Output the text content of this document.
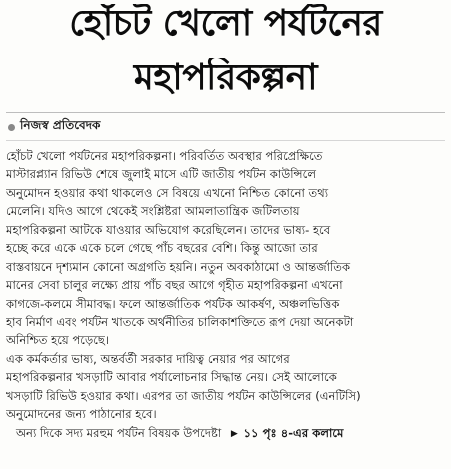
হোঁচট খেলো পর্যটনের
মহাপরিকল্পনা
নিজস্ব প্রতিবেদক
হোঁচট খেলো পর্যটনের মহাপরিকল্পনা। পরিবর্তিত অবস্থার পরিপ্রেক্ষিতে
মাস্টারপ্ল্যান রিভিউ শেষে জুলাই মাসে এটি জাতীয় পর্যটন কাউন্সিলে
অনুমোদন হওয়ার কথা থাকলেও সে বিষয়ে এখনো নিশ্চিত কোনো তথ্য
মেলেনি। যদিও আগে থেকেই সংশ্লিষ্টরা আমলাতান্ত্রিক জটিলতায়
মহাপরিকল্পনা আটকে যাওয়ার অভিযোগ করেছিলেন। তাদের ভাষ্য- হবে
হচ্ছে করে একে একে চলে গেছে পাঁচ বছরের বেশি। কিন্তু আজো তার
বাস্তবায়নে দৃশ্যমান কোনো অগ্রগতি হয়নি। নতুন অবকাঠামো ও আন্তর্জাতিক
মানের সেবা চালুর লক্ষ্যে প্রায় পাঁচ বছর আগে গৃহীত মহাপরিকল্পনা এখনো
কাগজে-কলমে সীমাবদ্ধ। ফলে আন্তর্জাতিক পর্যটক আকর্ষণ, অঞ্চলভিত্তিক
হাব নির্মাণ এবং পর্যটন খাতকে অর্থনীতির চালিকাশক্তিতে রূপ দেয়া অনেকটা
অনিশ্চিত হয়ে পড়েছে।
এক কর্মকর্তার ভাষ্য, অন্তর্বর্তী সরকার দায়িত্ব নেয়ার পর আগের
মহাপরিকল্পনার খসড়াটি আবার পর্যালোচনার সিদ্ধান্ত নেয়। সেই আলোকে
খসড়াটি রিভিউ হওয়ার কথা। এরপর তা জাতীয় পর্যটন কাউন্সিলের (এনটিসি)
অনুমোদনের জন্য পাঠানোর হবে।
অন্য দিকে সদ্য মরহুম পর্যটন বিষয়ক উপদেষ্টা ▶ ১১ পৃঃ ৪-এর কলামে
